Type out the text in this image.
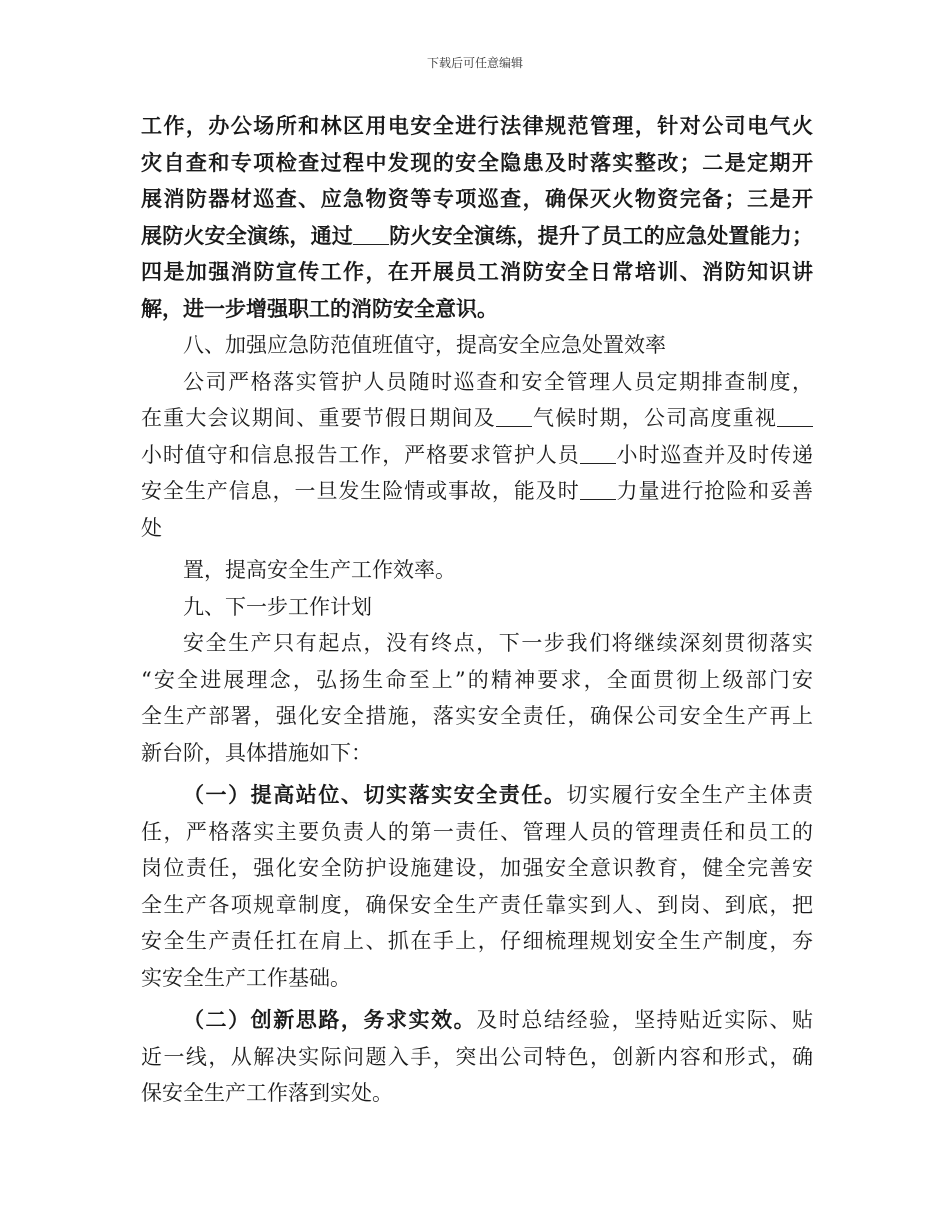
下载后可任意编辑
工作，办公场所和林区用电安全进行法律规范管理，针对公司电气火
灾自查和专项检查过程中发现的安全隐患及时落实整改；二是定期开
展消防器材巡查、应急物资等专项巡查，确保灭火物资完备；三是开
展防火安全演练，通过 防火安全演练，提升了员工的应急处置能力；
四是加强消防宣传工作，在开展员工消防安全日常培训、消防知识讲
解，进一步增强职工的消防安全意识。
八、加强应急防范值班值守，提高安全应急处置效率
公司严格落实管护人员随时巡查和安全管理人员定期排查制度，
在重大会议期间、重要节假日期间及 气候时期，公司高度重视
小时值守和信息报告工作，严格要求管护人员 小时巡查并及时传递
安全生产信息，一旦发生险情或事故，能及时 力量进行抢险和妥善
处
置，提高安全生产工作效率。
九、下一步工作计划
安全生产只有起点，没有终点，下一步我们将继续深刻贯彻落实
“安全进展理念，弘扬生命至上”的精神要求，全面贯彻上级部门安
全生产部署，强化安全措施，落实安全责任，确保公司安全生产再上
新台阶，具体措施如下：
（一）提高站位、切实落实安全责任。切实履行安全生产主体责
任，严格落实主要负责人的第一责任、管理人员的管理责任和员工的
岗位责任，强化安全防护设施建设，加强安全意识教育，健全完善安
全生产各项规章制度，确保安全生产责任靠实到人、到岗、到底，把
安全生产责任扛在肩上、抓在手上，仔细梳理规划安全生产制度，夯
实安全生产工作基础。
（二）创新思路，务求实效。及时总结经验，坚持贴近实际、贴
近一线，从解决实际问题入手，突出公司特色，创新内容和形式，确
保安全生产工作落到实处。
